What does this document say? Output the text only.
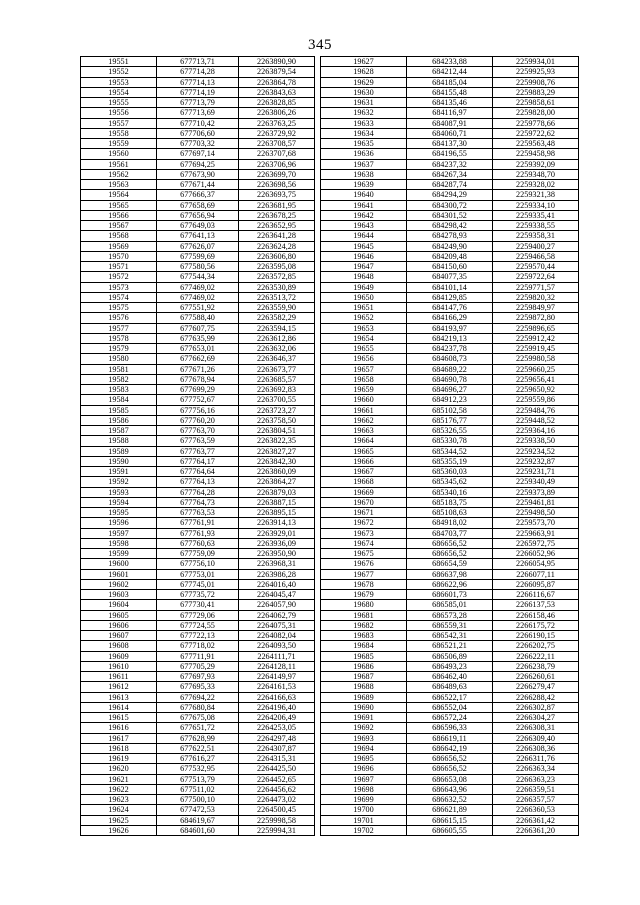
345
19551	677713,71	2263890,90
19552	677714,28	2263879,54
19553	677714,13	2263864,78
19554	677714,19	2263843,63
19555	677713,79	2263828,85
19556	677713,69	2263806,26
19557	677710,42	2263763,25
19558	677706,60	2263729,92
19559	677703,32	2263708,57
19560	677697,14	2263707,68
19561	677694,25	2263706,96
19562	677673,90	2263699,70
19563	677671,44	2263698,56
19564	677666,37	2263693,75
19565	677658,69	2263681,95
19566	677656,94	2263678,25
19567	677649,03	2263652,95
19568	677641,13	2263641,28
19569	677626,07	2263624,28
19570	677599,69	2263606,80
19571	677580,56	2263595,08
19572	677544,34	2263572,85
19573	677469,02	2263530,89
19574	677469,02	2263513,72
19575	677551,92	2263559,90
19576	677588,40	2263582,29
19577	677607,75	2263594,15
19578	677635,99	2263612,86
19579	677653,01	2263632,06
19580	677662,69	2263646,37
19581	677671,26	2263673,77
19582	677678,94	2263685,57
19583	677699,29	2263692,83
19584	677752,67	2263700,55
19585	677756,16	2263723,27
19586	677760,20	2263758,50
19587	677763,70	2263804,51
19588	677763,59	2263822,35
19589	677763,77	2263827,27
19590	677764,17	2263842,30
19591	677764,64	2263860,09
19592	677764,13	2263864,27
19593	677764,28	2263879,03
19594	677764,73	2263887,15
19595	677763,53	2263895,15
19596	677761,91	2263914,13
19597	677761,93	2263929,01
19598	677760,63	2263936,09
19599	677759,09	2263950,90
19600	677756,10	2263968,31
19601	677753,01	2263986,28
19602	677745,01	2264016,40
19603	677735,72	2264045,47
19604	677730,41	2264057,90
19605	677729,06	2264062,79
19606	677724,55	2264075,31
19607	677722,13	2264082,04
19608	677718,02	2264093,50
19609	677711,91	2264111,71
19610	677705,29	2264128,11
19611	677697,93	2264149,97
19612	677695,33	2264161,53
19613	677694,22	2264166,63
19614	677680,84	2264196,40
19615	677675,08	2264206,49
19616	677651,72	2264253,05
19617	677628,99	2264297,48
19618	677622,51	2264307,87
19619	677616,27	2264315,31
19620	677532,95	2264425,50
19621	677513,79	2264452,65
19622	677511,02	2264456,62
19623	677500,10	2264473,02
19624	677472,53	2264500,45
19625	684619,67	2259998,58
19626	684601,60	2259994,31
19627	684233,88	2259934,01
19628	684212,44	2259925,93
19629	684185,04	2259908,76
19630	684155,48	2259883,29
19631	684135,46	2259858,61
19632	684116,97	2259828,00
19633	684087,91	2259778,66
19634	684060,71	2259722,62
19635	684137,30	2259563,48
19636	684196,55	2259458,98
19637	684237,32	2259392,09
19638	684267,34	2259348,70
19639	684287,74	2259328,02
19640	684294,29	2259321,38
19641	684300,72	2259334,10
19642	684301,52	2259335,41
19643	684298,42	2259338,55
19644	684278,93	2259358,31
19645	684249,90	2259400,27
19646	684209,48	2259466,58
19647	684150,60	2259570,44
19648	684077,35	2259722,64
19649	684101,14	2259771,57
19650	684129,85	2259820,32
19651	684147,76	2259849,97
19652	684166,29	2259872,80
19653	684193,97	2259896,65
19654	684219,13	2259912,42
19655	684237,78	2259919,45
19656	684608,73	2259980,58
19657	684689,22	2259660,25
19658	684690,78	2259656,41
19659	684696,27	2259650,92
19660	684912,23	2259559,86
19661	685102,58	2259484,76
19662	685176,77	2259448,52
19663	685326,55	2259364,16
19664	685330,78	2259338,50
19665	685344,52	2259234,52
19666	685355,19	2259232,87
19667	685360,03	2259231,71
19668	685345,62	2259340,49
19669	685340,16	2259373,89
19670	685183,75	2259461,81
19671	685108,63	2259498,50
19672	684918,02	2259573,70
19673	684703,77	2259663,91
19674	686656,52	2265972,75
19675	686656,52	2266052,96
19676	686654,59	2266054,95
19677	686637,98	2266077,11
19678	686622,96	2266095,87
19679	686601,73	2266116,67
19680	686585,01	2266137,53
19681	686573,28	2266158,46
19682	686559,31	2266175,72
19683	686542,31	2266190,15
19684	686521,21	2266202,75
19685	686506,89	2266222,11
19686	686493,23	2266238,79
19687	686462,40	2266260,61
19688	686489,63	2266279,47
19689	686522,17	2266288,42
19690	686552,04	2266302,87
19691	686572,24	2266304,27
19692	686596,33	2266308,31
19693	686619,11	2266309,40
19694	686642,19	2266308,36
19695	686656,52	2266311,76
19696	686656,52	2266363,34
19697	686653,08	2266363,23
19698	686643,96	2266359,51
19699	686632,52	2266357,57
19700	686621,89	2266360,53
19701	686615,15	2266361,42
19702	686605,55	2266361,20
